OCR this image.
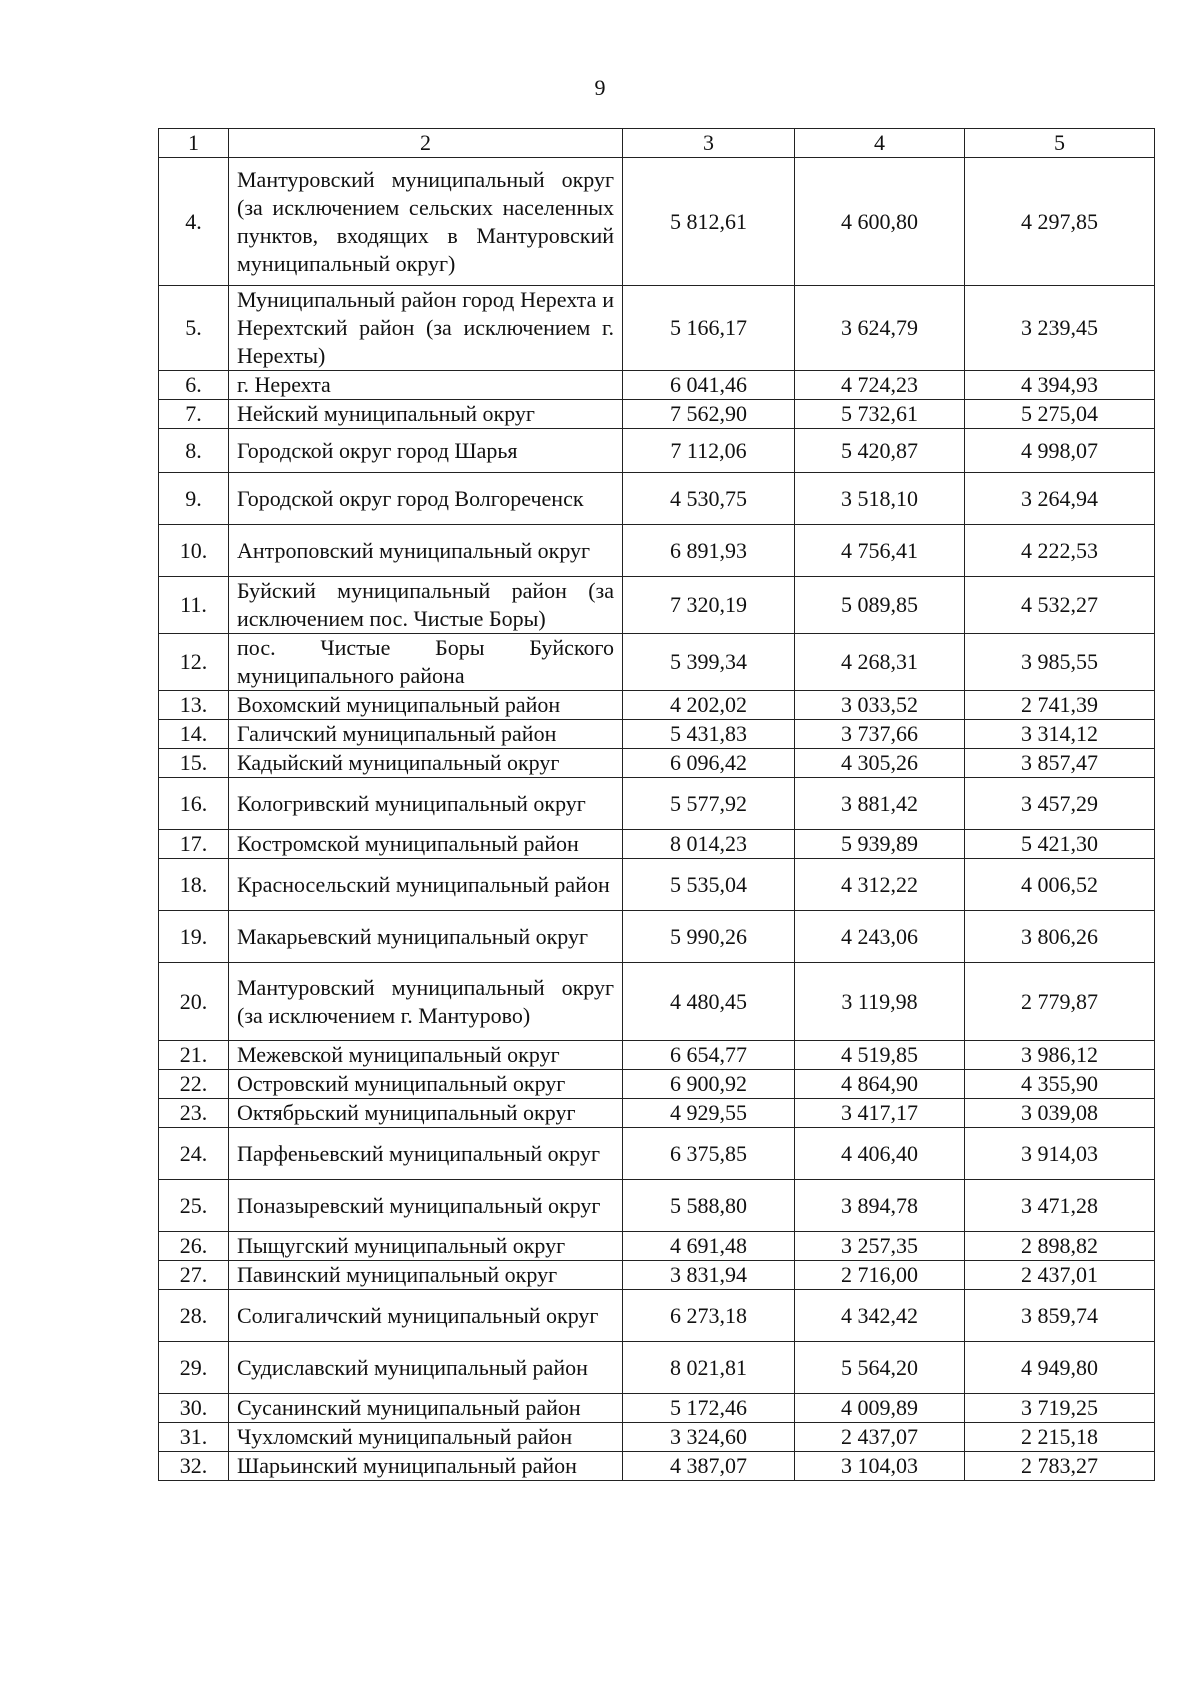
9
1	2	3	4	5
4.	Мантуровский муниципальный округ (за исключением сельских населенных пунктов, входящих в Мантуровский муниципальный округ)	5 812,61	4 600,80	4 297,85
5.	Муниципальный район город Нерехта и Нерехтский район (за исключением г. Нерехты)	5 166,17	3 624,79	3 239,45
6.	г. Нерехта	6 041,46	4 724,23	4 394,93
7.	Нейский муниципальный округ	7 562,90	5 732,61	5 275,04
8.	Городской округ город Шарья	7 112,06	5 420,87	4 998,07
9.	Городской округ город Волгореченск	4 530,75	3 518,10	3 264,94
10.	Антроповский муниципальный округ	6 891,93	4 756,41	4 222,53
11.	Буйский муниципальный район (за исключением пос. Чистые Боры)	7 320,19	5 089,85	4 532,27
12.	пос. Чистые Боры Буйского муниципального района	5 399,34	4 268,31	3 985,55
13.	Вохомский муниципальный район	4 202,02	3 033,52	2 741,39
14.	Галичский муниципальный район	5 431,83	3 737,66	3 314,12
15.	Кадыйский муниципальный округ	6 096,42	4 305,26	3 857,47
16.	Кологривский муниципальный округ	5 577,92	3 881,42	3 457,29
17.	Костромской муниципальный район	8 014,23	5 939,89	5 421,30
18.	Красносельский муниципальный район	5 535,04	4 312,22	4 006,52
19.	Макарьевский муниципальный округ	5 990,26	4 243,06	3 806,26
20.	Мантуровский муниципальный округ (за исключением г. Мантурово)	4 480,45	3 119,98	2 779,87
21.	Межевской муниципальный округ	6 654,77	4 519,85	3 986,12
22.	Островский муниципальный округ	6 900,92	4 864,90	4 355,90
23.	Октябрьский муниципальный округ	4 929,55	3 417,17	3 039,08
24.	Парфеньевский муниципальный округ	6 375,85	4 406,40	3 914,03
25.	Поназыревский муниципальный округ	5 588,80	3 894,78	3 471,28
26.	Пыщугский муниципальный округ	4 691,48	3 257,35	2 898,82
27.	Павинский муниципальный округ	3 831,94	2 716,00	2 437,01
28.	Солигаличский муниципальный округ	6 273,18	4 342,42	3 859,74
29.	Судиславский муниципальный район	8 021,81	5 564,20	4 949,80
30.	Сусанинский муниципальный район	5 172,46	4 009,89	3 719,25
31.	Чухломский муниципальный район	3 324,60	2 437,07	2 215,18
32.	Шарьинский муниципальный район	4 387,07	3 104,03	2 783,27
